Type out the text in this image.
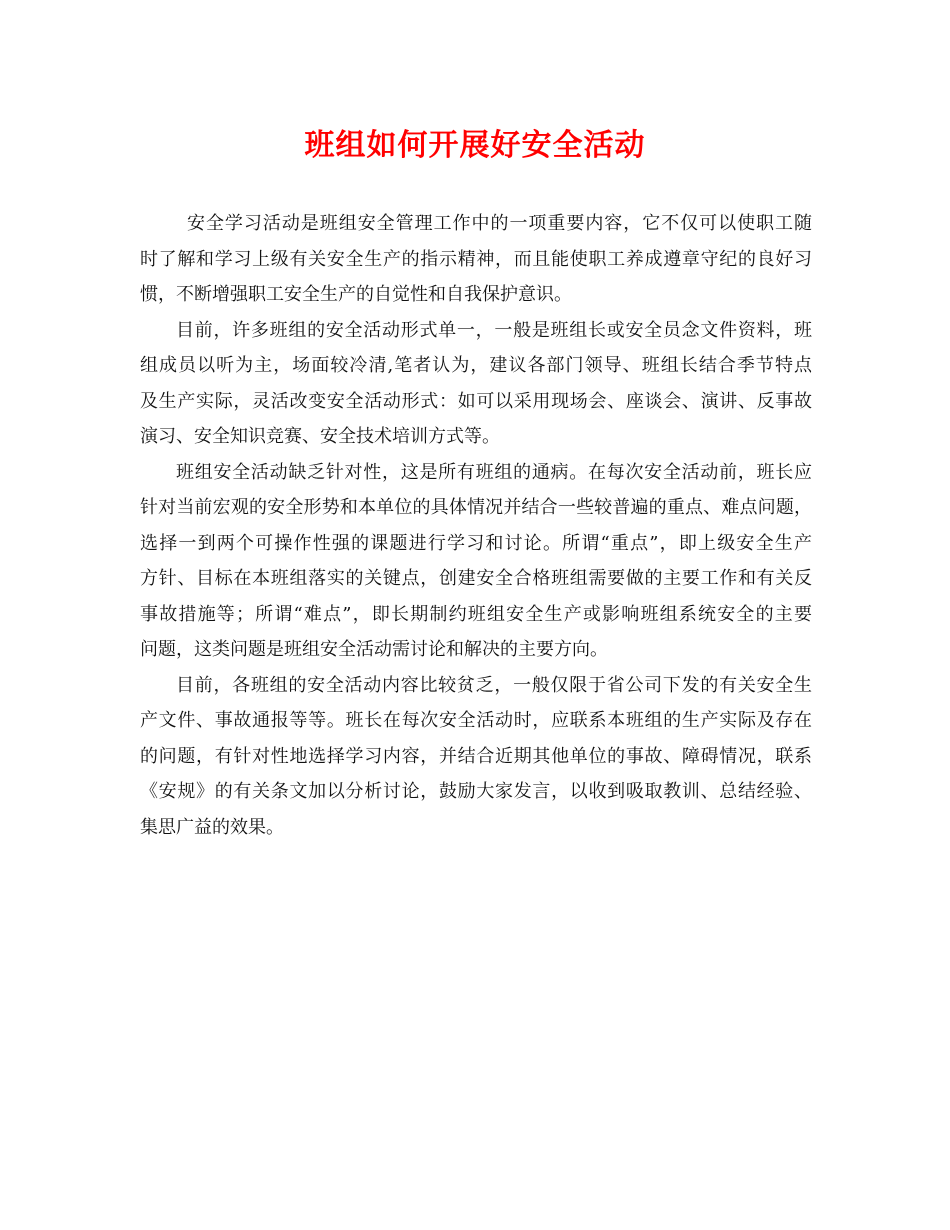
班组如何开展好安全活动
安全学习活动是班组安全管理工作中的一项重要内容，它不仅可以使职工随
时了解和学习上级有关安全生产的指示精神，而且能使职工养成遵章守纪的良好习
惯，不断增强职工安全生产的自觉性和自我保护意识。
目前，许多班组的安全活动形式单一，一般是班组长或安全员念文件资料，班
组成员以听为主，场面较冷清,笔者认为，建议各部门领导、班组长结合季节特点
及生产实际，灵活改变安全活动形式：如可以采用现场会、座谈会、演讲、反事故
演习、安全知识竞赛、安全技术培训方式等。
班组安全活动缺乏针对性，这是所有班组的通病。在每次安全活动前，班长应
针对当前宏观的安全形势和本单位的具体情况并结合一些较普遍的重点、难点问题，
选择一到两个可操作性强的课题进行学习和讨论。所谓“重点”，即上级安全生产
方针、目标在本班组落实的关键点，创建安全合格班组需要做的主要工作和有关反
事故措施等；所谓“难点”，即长期制约班组安全生产或影响班组系统安全的主要
问题，这类问题是班组安全活动需讨论和解决的主要方向。
目前，各班组的安全活动内容比较贫乏，一般仅限于省公司下发的有关安全生
产文件、事故通报等等。班长在每次安全活动时，应联系本班组的生产实际及存在
的问题，有针对性地选择学习内容，并结合近期其他单位的事故、障碍情况，联系
《安规》的有关条文加以分析讨论，鼓励大家发言，以收到吸取教训、总结经验、
集思广益的效果。
